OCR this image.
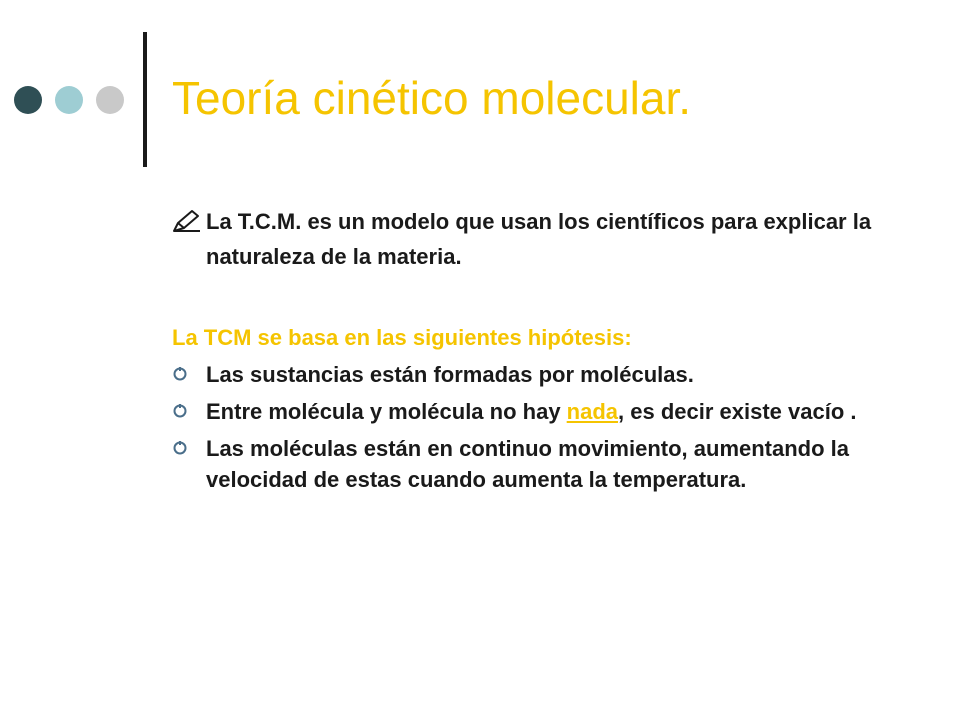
Teoría cinético molecular.

La T.C.M. es un modelo que usan los científicos para explicar la naturaleza de la materia.

La TCM se basa en las siguientes hipótesis:

Las sustancias están formadas por moléculas.
Entre molécula y molécula no hay nada, es decir existe vacío .
Las moléculas están en continuo movimiento, aumentando la velocidad de estas cuando aumenta la temperatura.
